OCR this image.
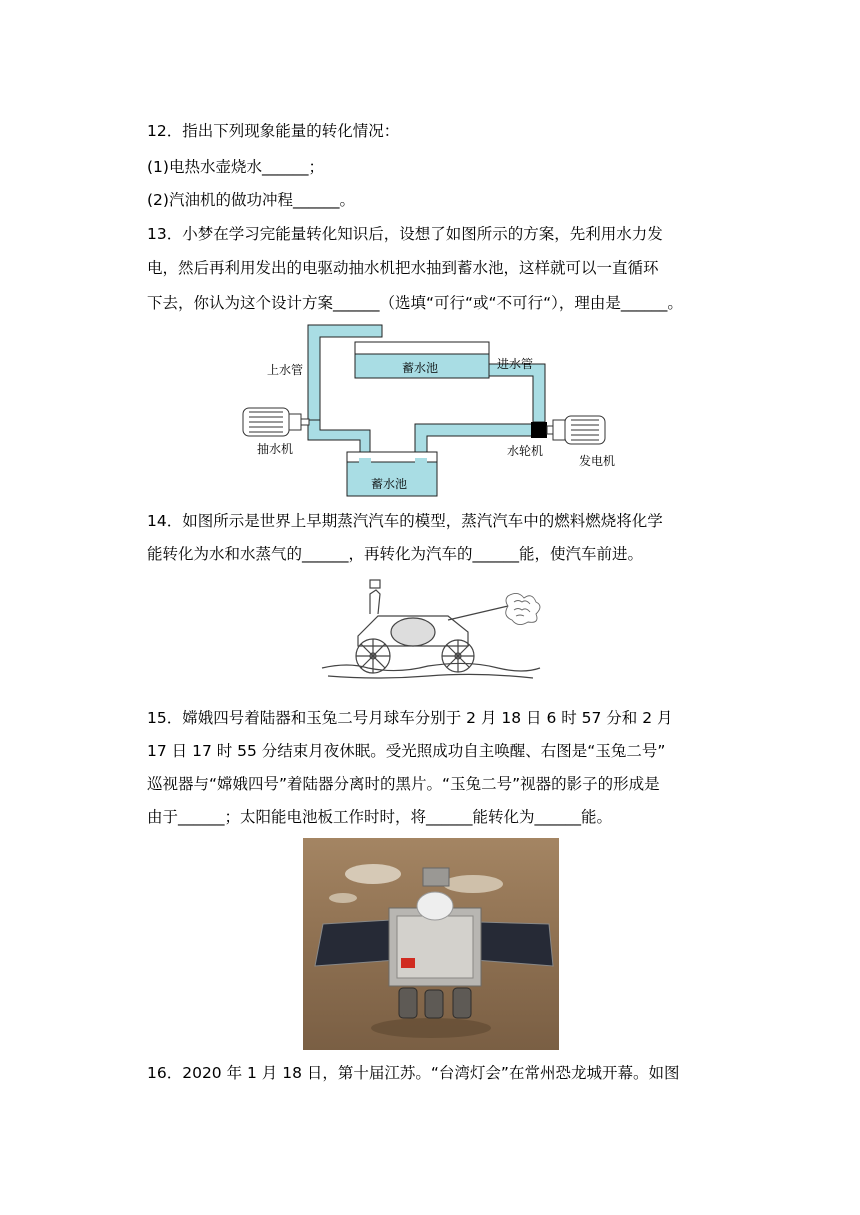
12．指出下列现象能量的转化情况：
(1)电热水壶烧水______；
(2)汽油机的做功冲程______。
13．小梦在学习完能量转化知识后，设想了如图所示的方案，先利用水力发
电，然后再利用发出的电驱动抽水机把水抽到蓄水池，这样就可以一直循环
下去，你认为这个设计方案______（选填“可行“或“不可行“），理由是______。
蓄水池
蓄水池
上水管	进水管
抽水机	水轮机
发电机
14．如图所示是世界上早期蒸汽汽车的模型，蒸汽汽车中的燃料燃烧将化学
能转化为水和水蒸气的______，再转化为汽车的______能，使汽车前进。
15．嫦娥四号着陆器和玉兔二号月球车分别于 2 月 18 日 6 时 57 分和 2 月
17 日 17 时 55 分结束月夜休眠。受光照成功自主唤醒、右图是“玉兔二号”
巡视器与“嫦娥四号”着陆器分离时的黑片。“玉兔二号”视器的影子的形成是
由于______；太阳能电池板工作时时，将______能转化为______能。
16．2020 年 1 月 18 日，第十届江苏。“台湾灯会”在常州恐龙城开幕。如图
